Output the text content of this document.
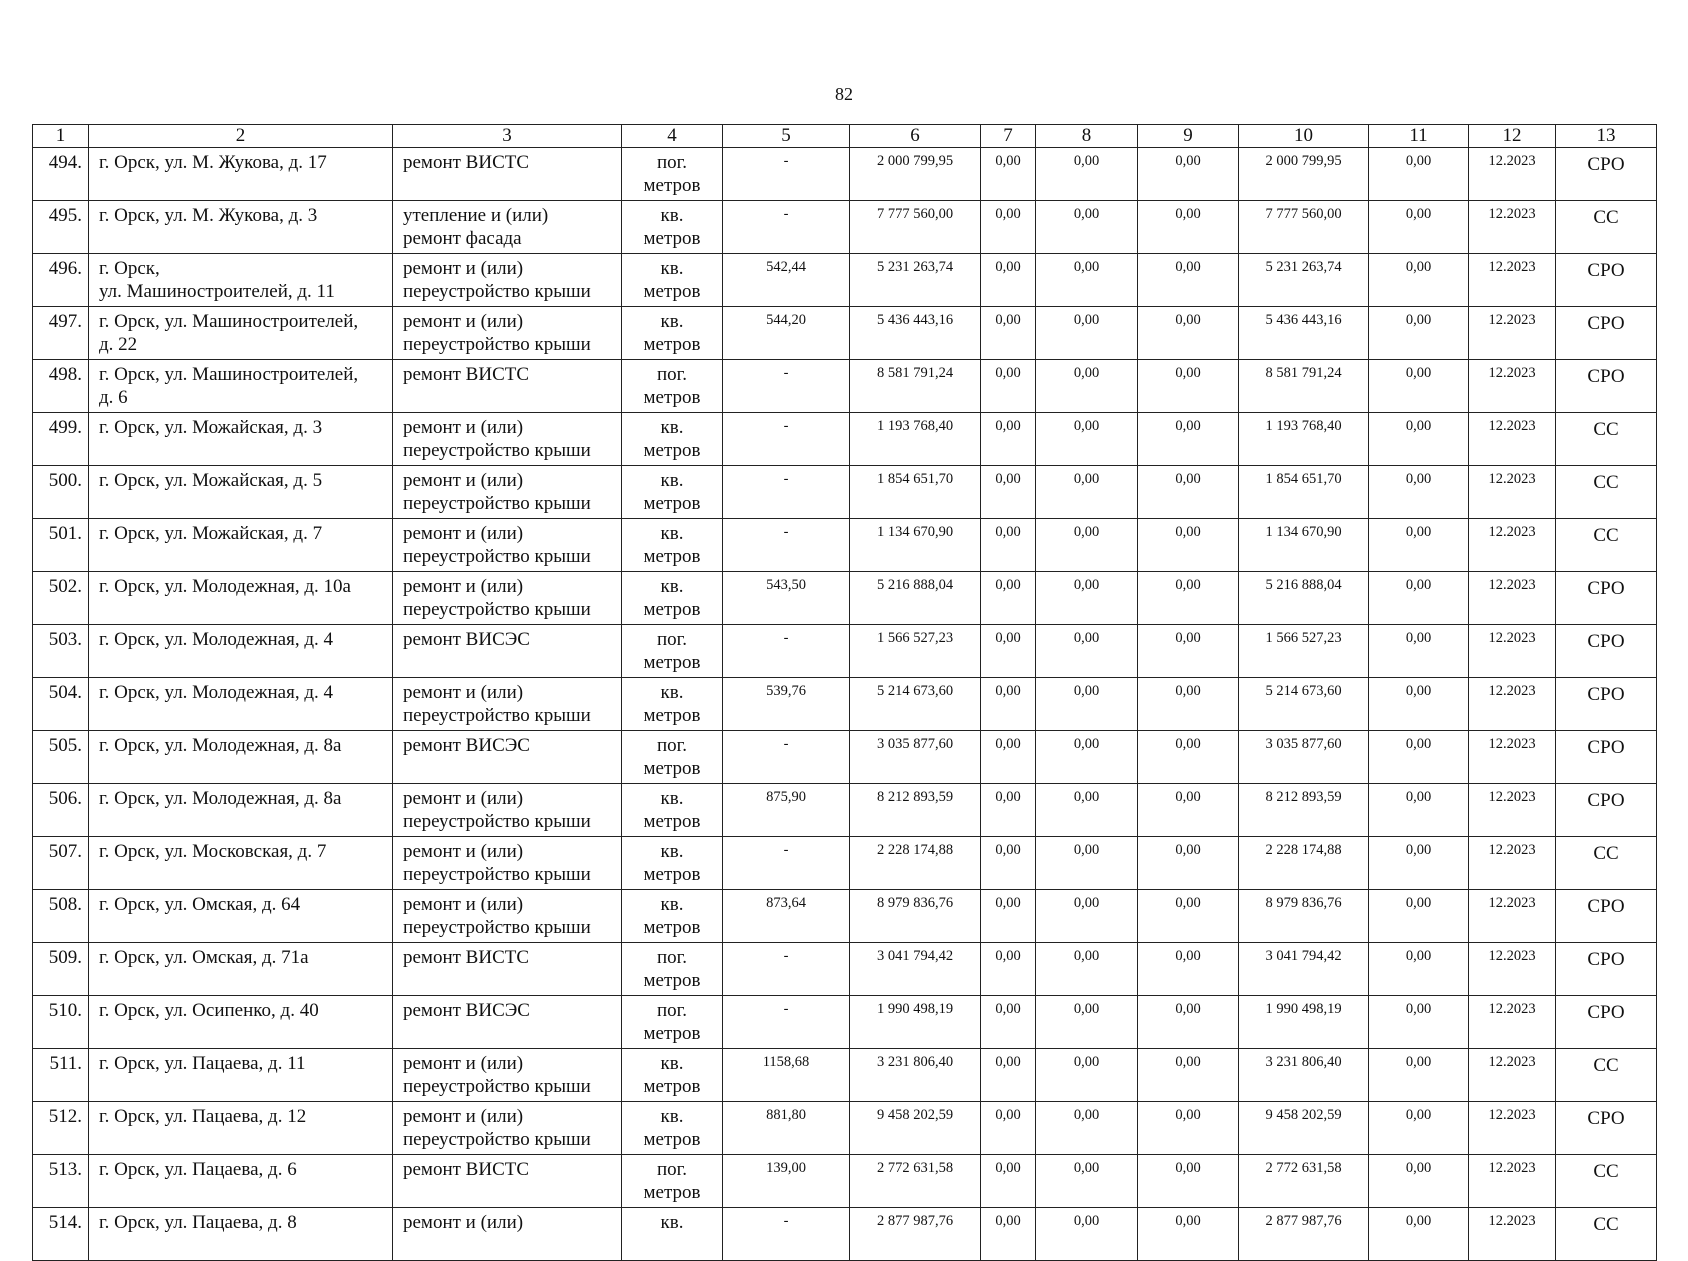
82
1	2	3	4	5	6	7	8	9	10	11	12	13
494.	г. Орск, ул. М. Жукова, д. 17	ремонт ВИСТС	пог.
метров	-	2 000 799,95	0,00	0,00	0,00	2 000 799,95	0,00	12.2023	СРО
495.	г. Орск, ул. М. Жукова, д. 3	утепление и (или)
ремонт фасада	кв.
метров	-	7 777 560,00	0,00	0,00	0,00	7 777 560,00	0,00	12.2023	СС
496.	г. Орск,
ул. Машиностроителей, д. 11	ремонт и (или)
переустройство крыши	кв.
метров	542,44	5 231 263,74	0,00	0,00	0,00	5 231 263,74	0,00	12.2023	СРО
497.	г. Орск, ул. Машиностроителей,
д. 22	ремонт и (или)
переустройство крыши	кв.
метров	544,20	5 436 443,16	0,00	0,00	0,00	5 436 443,16	0,00	12.2023	СРО
498.	г. Орск, ул. Машиностроителей,
д. 6	ремонт ВИСТС	пог.
метров	-	8 581 791,24	0,00	0,00	0,00	8 581 791,24	0,00	12.2023	СРО
499.	г. Орск, ул. Можайская, д. 3	ремонт и (или)
переустройство крыши	кв.
метров	-	1 193 768,40	0,00	0,00	0,00	1 193 768,40	0,00	12.2023	СС
500.	г. Орск, ул. Можайская, д. 5	ремонт и (или)
переустройство крыши	кв.
метров	-	1 854 651,70	0,00	0,00	0,00	1 854 651,70	0,00	12.2023	СС
501.	г. Орск, ул. Можайская, д. 7	ремонт и (или)
переустройство крыши	кв.
метров	-	1 134 670,90	0,00	0,00	0,00	1 134 670,90	0,00	12.2023	СС
502.	г. Орск, ул. Молодежная, д. 10а	ремонт и (или)
переустройство крыши	кв.
метров	543,50	5 216 888,04	0,00	0,00	0,00	5 216 888,04	0,00	12.2023	СРО
503.	г. Орск, ул. Молодежная, д. 4	ремонт ВИСЭС	пог.
метров	-	1 566 527,23	0,00	0,00	0,00	1 566 527,23	0,00	12.2023	СРО
504.	г. Орск, ул. Молодежная, д. 4	ремонт и (или)
переустройство крыши	кв.
метров	539,76	5 214 673,60	0,00	0,00	0,00	5 214 673,60	0,00	12.2023	СРО
505.	г. Орск, ул. Молодежная, д. 8а	ремонт ВИСЭС	пог.
метров	-	3 035 877,60	0,00	0,00	0,00	3 035 877,60	0,00	12.2023	СРО
506.	г. Орск, ул. Молодежная, д. 8а	ремонт и (или)
переустройство крыши	кв.
метров	875,90	8 212 893,59	0,00	0,00	0,00	8 212 893,59	0,00	12.2023	СРО
507.	г. Орск, ул. Московская, д. 7	ремонт и (или)
переустройство крыши	кв.
метров	-	2 228 174,88	0,00	0,00	0,00	2 228 174,88	0,00	12.2023	СС
508.	г. Орск, ул. Омская, д. 64	ремонт и (или)
переустройство крыши	кв.
метров	873,64	8 979 836,76	0,00	0,00	0,00	8 979 836,76	0,00	12.2023	СРО
509.	г. Орск, ул. Омская, д. 71а	ремонт ВИСТС	пог.
метров	-	3 041 794,42	0,00	0,00	0,00	3 041 794,42	0,00	12.2023	СРО
510.	г. Орск, ул. Осипенко, д. 40	ремонт ВИСЭС	пог.
метров	-	1 990 498,19	0,00	0,00	0,00	1 990 498,19	0,00	12.2023	СРО
511.	г. Орск, ул. Пацаева, д. 11	ремонт и (или)
переустройство крыши	кв.
метров	1158,68	3 231 806,40	0,00	0,00	0,00	3 231 806,40	0,00	12.2023	СС
512.	г. Орск, ул. Пацаева, д. 12	ремонт и (или)
переустройство крыши	кв.
метров	881,80	9 458 202,59	0,00	0,00	0,00	9 458 202,59	0,00	12.2023	СРО
513.	г. Орск, ул. Пацаева, д. 6	ремонт ВИСТС	пог.
метров	139,00	2 772 631,58	0,00	0,00	0,00	2 772 631,58	0,00	12.2023	СС
514.	г. Орск, ул. Пацаева, д. 8	ремонт и (или)	кв.	-	2 877 987,76	0,00	0,00	0,00	2 877 987,76	0,00	12.2023	СС
